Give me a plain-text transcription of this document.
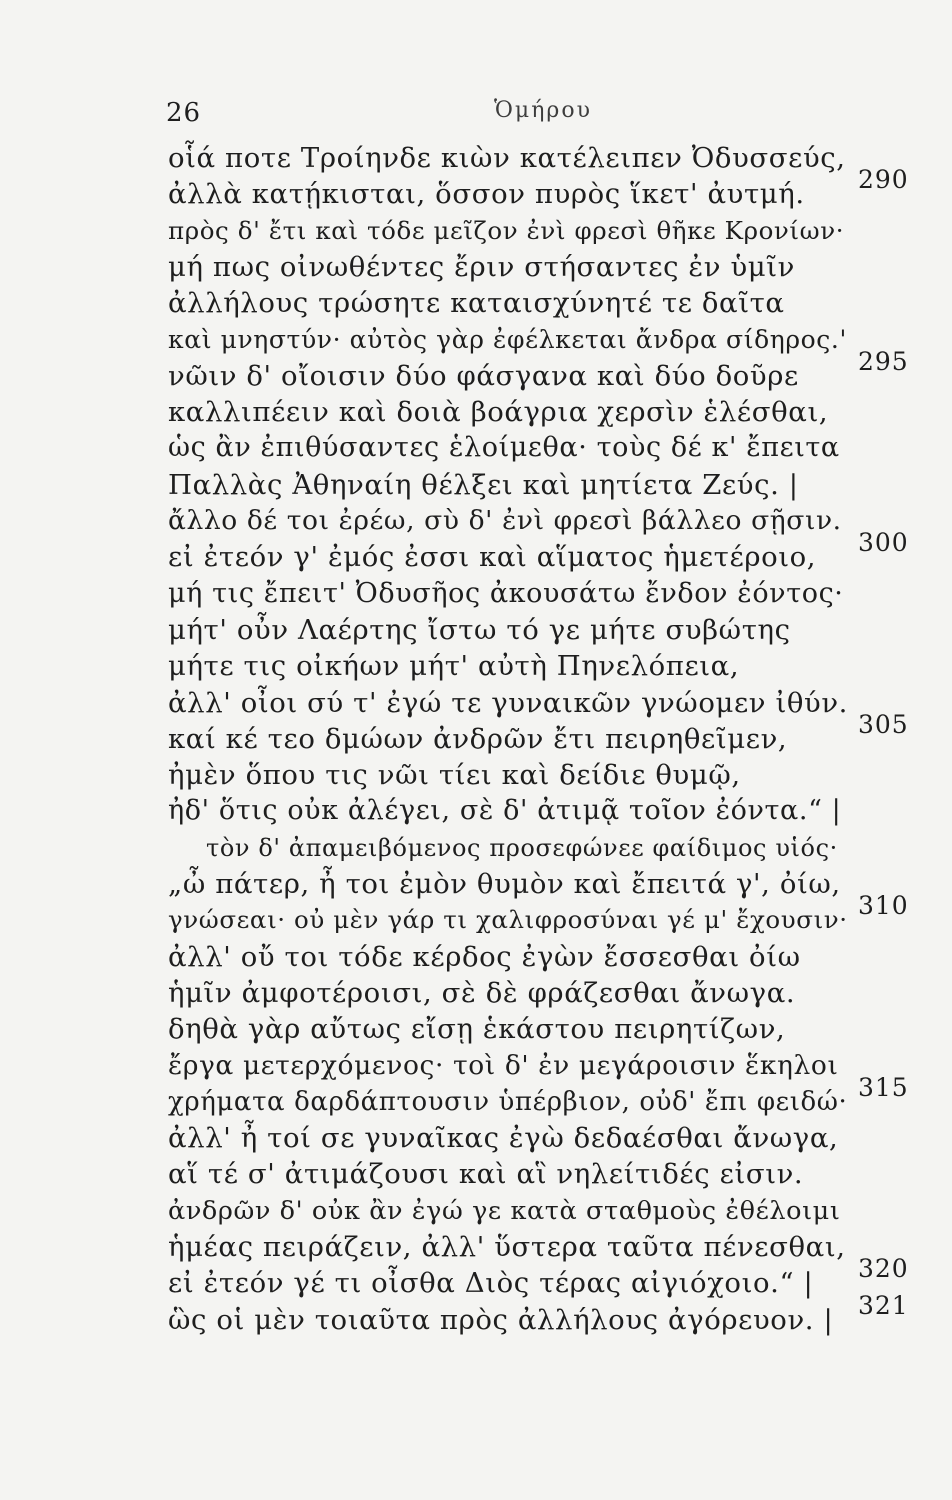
26	Ὁμήρου
οἷά ποτε Τροίηνδε κιὼν κατέλειπεν Ὀδυσσεύς,
ἀλλὰ κατῄκισται, ὅσσον πυρὸς ἵκετ' ἀυτμή. 290
πρὸς δ' ἔτι καὶ τόδε μεῖζον ἐνὶ φρεσὶ θῆκε Κρονίων·
μή πως οἰνωθέντες ἔριν στήσαντες ἐν ὑμῖν
ἀλλήλους τρώσητε καταισχύνητέ τε δαῖτα
καὶ μνηστύν· αὐτὸς γὰρ ἐφέλκεται ἄνδρα σίδηρος.'
νῶιν δ' οἴοισιν δύο φάσγανα καὶ δύο δοῦρε 295
καλλιπέειν καὶ δοιὰ βοάγρια χερσὶν ἑλέσθαι,
ὡς ἂν ἐπιθύσαντες ἑλοίμεθα· τοὺς δέ κ' ἔπειτα
Παλλὰς Ἀθηναίη θέλξει καὶ μητίετα Ζεύς. |
ἄλλο δέ τοι ἐρέω, σὺ δ' ἐνὶ φρεσὶ βάλλεο σῇσιν.
εἰ ἐτεόν γ' ἐμός ἐσσι καὶ αἵματος ἡμετέροιο, 300
μή τις ἔπειτ' Ὀδυσῆος ἀκουσάτω ἔνδον ἐόντος·
μήτ' οὖν Λαέρτης ἴστω τό γε μήτε συβώτης
μήτε τις οἰκήων μήτ' αὐτὴ Πηνελόπεια,
ἀλλ' οἶοι σύ τ' ἐγώ τε γυναικῶν γνώομεν ἰθύν.
καί κέ τεο δμώων ἀνδρῶν ἔτι πειρηθεῖμεν,	305
ἠμὲν ὅπου τις νῶι τίει καὶ δείδιε θυμῷ,
ἠδ' ὅτις οὐκ ἀλέγει, σὲ δ' ἀτιμᾷ τοῖον ἐόντα.“ |
τὸν δ' ἀπαμειβόμενος προσεφώνεε φαίδιμος υἱός·
„ὦ πάτερ, ἦ τοι ἐμὸν θυμὸν καὶ ἔπειτά γ', ὀίω,
γνώσεαι· οὐ μὲν γάρ τι χαλιφροσύναι γέ μ' ἔχουσιν· 310
ἀλλ' οὔ τοι τόδε κέρδος ἐγὼν ἔσσεσθαι ὀίω
ἡμῖν ἀμφοτέροισι, σὲ δὲ φράζεσθαι ἄνωγα.
δηθὰ γὰρ αὔτως εἴσῃ ἑκάστου πειρητίζων,
ἔργα μετερχόμενος· τοὶ δ' ἐν μεγάροισιν ἕκηλοι
χρήματα δαρδάπτουσιν ὑπέρβιον, οὐδ' ἔπι φειδώ· 315
ἀλλ' ἦ τοί σε γυναῖκας ἐγὼ δεδαέσθαι ἄνωγα,
αἵ τέ σ' ἀτιμάζουσι καὶ αἳ νηλείτιδές εἰσιν.
ἀνδρῶν δ' οὐκ ἂν ἐγώ γε κατὰ σταθμοὺς ἐθέλοιμι
ἡμέας πειράζειν, ἀλλ' ὕστερα ταῦτα πένεσθαι,
εἰ ἐτεόν γέ τι οἶσθα Διὸς τέρας αἰγιόχοιο.“ | 320
ὣς οἱ μὲν τοιαῦτα πρὸς ἀλλήλους ἀγόρευον. | 321
